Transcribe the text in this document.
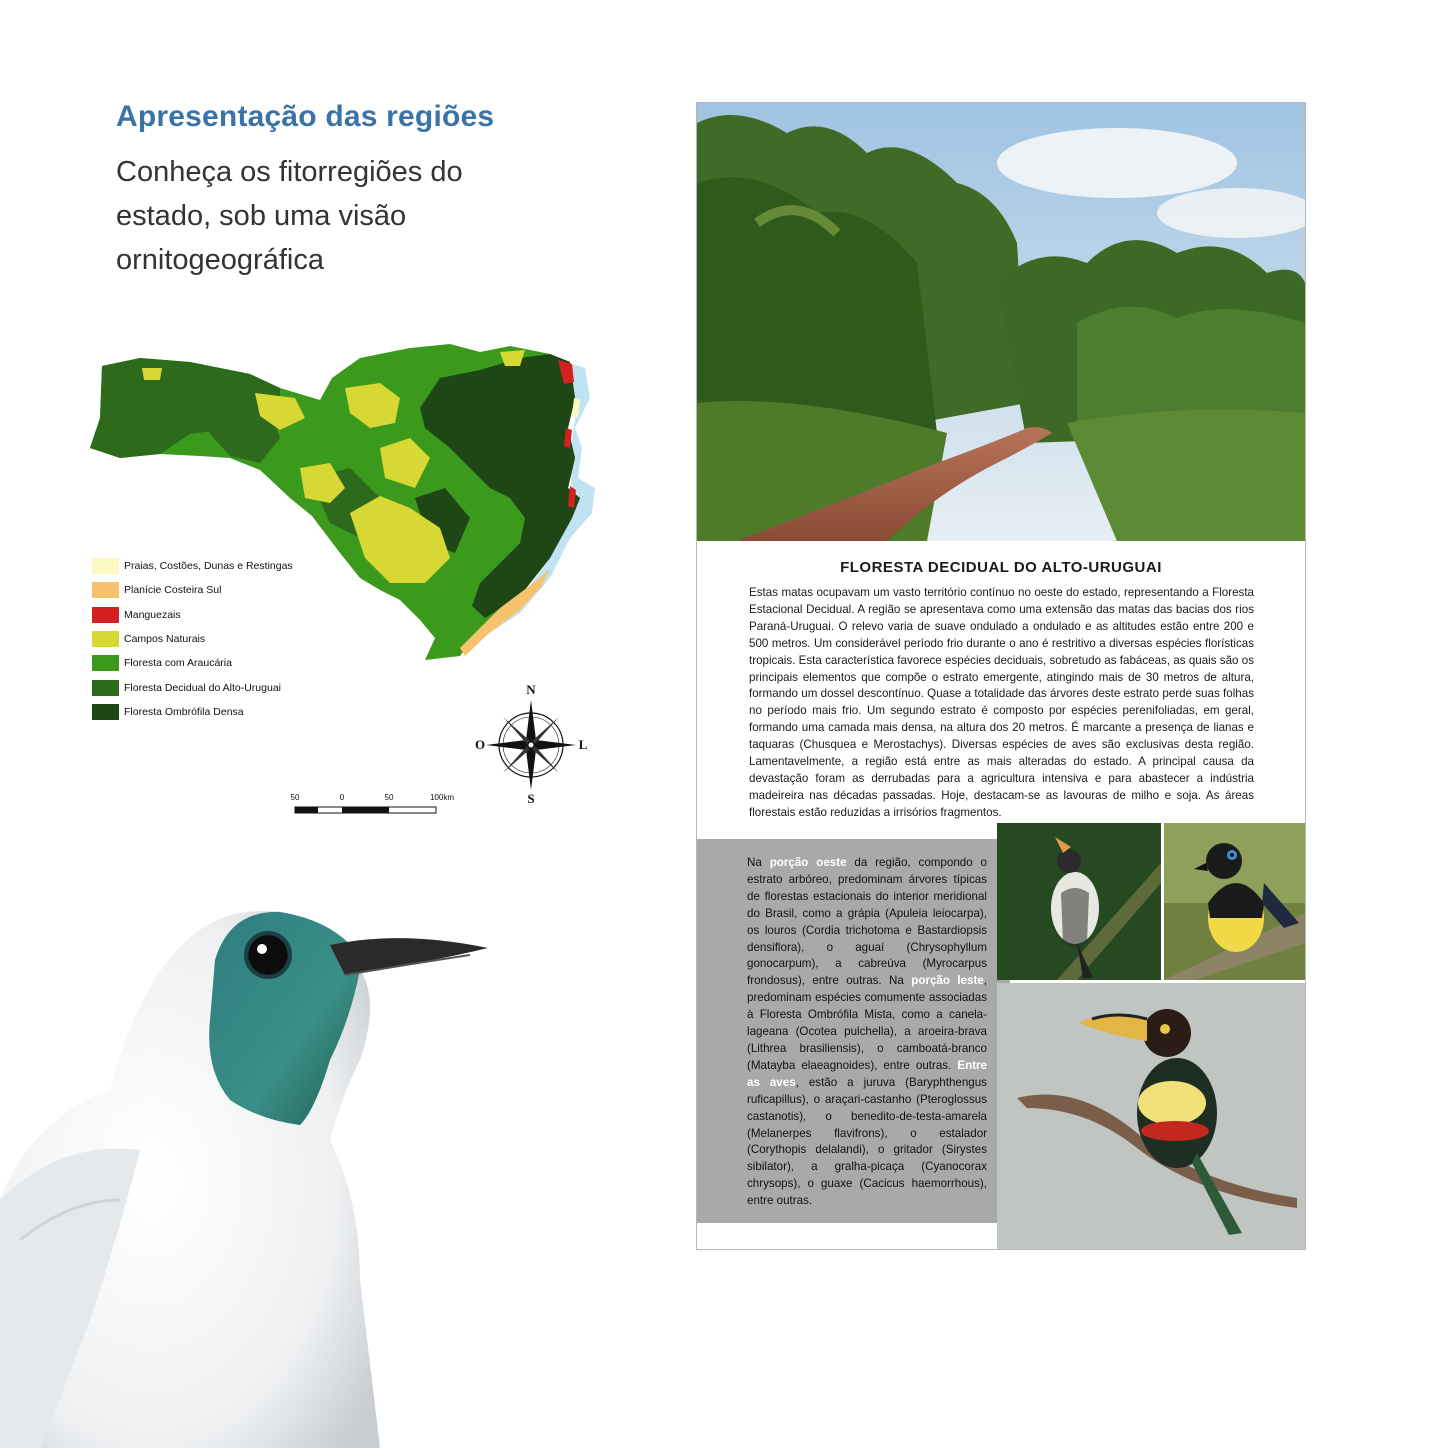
Apresentação das regiões
Conheça os fitorregiões do estado, sob uma visão ornitogeográfica
Praias, Costões, Dunas e Restingas
Planície Costeira Sul
Manguezais
Campos Naturais
Floresta com Araucária
Floresta Decidual do Alto-Uruguai
Floresta Ombrófila Densa
N
S
O	L
50	0	50	100km
FLORESTA DECIDUAL DO ALTO-URUGUAI
Estas matas ocupavam um vasto território contínuo no oeste do estado, representando a Floresta Estacional Decidual. A região se apresentava como uma extensão das matas das bacias dos rios Paraná-Uruguai. O relevo varia de suave ondulado a ondulado e as altitudes estão entre 200 e 500 metros. Um considerável período frio durante o ano é restritivo a diversas espécies florísticas tropicais. Esta característica favorece espécies deciduais, sobretudo as fabáceas, as quais são os principais elementos que compõe o estrato emergente, atingindo mais de 30 metros de altura, formando um dossel descontínuo. Quase a totalidade das árvores deste estrato perde suas folhas no período mais frio. Um segundo estrato é composto por espécies perenifoliadas, em geral, formando uma camada mais densa, na altura dos 20 metros. É marcante a presença de lianas e taquaras (Chusquea e Merostachys). Diversas espécies de aves são exclusivas desta região. Lamentavelmente, a região está entre as mais alteradas do estado. A principal causa da devastação foram as derrubadas para a agricultura intensiva e para abastecer a indústria madeireira nas décadas passadas. Hoje, destacam-se as lavouras de milho e soja. As áreas florestais estão reduzidas a irrisórios fragmentos.
Na porção oeste da região, compondo o estrato arbóreo, predominam árvores típicas de florestas estacionais do interior meridional do Brasil, como a grápia (Apuleia leiocarpa), os louros (Cordia trichotoma e Bastardiopsis densiflora), o aguaí (Chrysophyllum gonocarpum), a cabreúva (Myrocarpus frondosus), entre outras. Na porção leste, predominam espécies comumente associadas à Floresta Ombrófila Mista, como a canela-lageana (Ocotea pulchella), a aroeira-brava (Lithrea brasiliensis), o camboatá-branco (Matayba elaeagnoides), entre outras. Entre as aves, estão a juruva (Baryphthengus ruficapillus), o araçari-castanho (Pteroglossus castanotis), o benedito-de-testa-amarela (Melanerpes flavifrons), o estalador (Corythopis delalandi), o gritador (Sirystes sibilator), a gralha-picaça (Cyanocorax chrysops), o guaxe (Cacicus haemorrhous), entre outras.
